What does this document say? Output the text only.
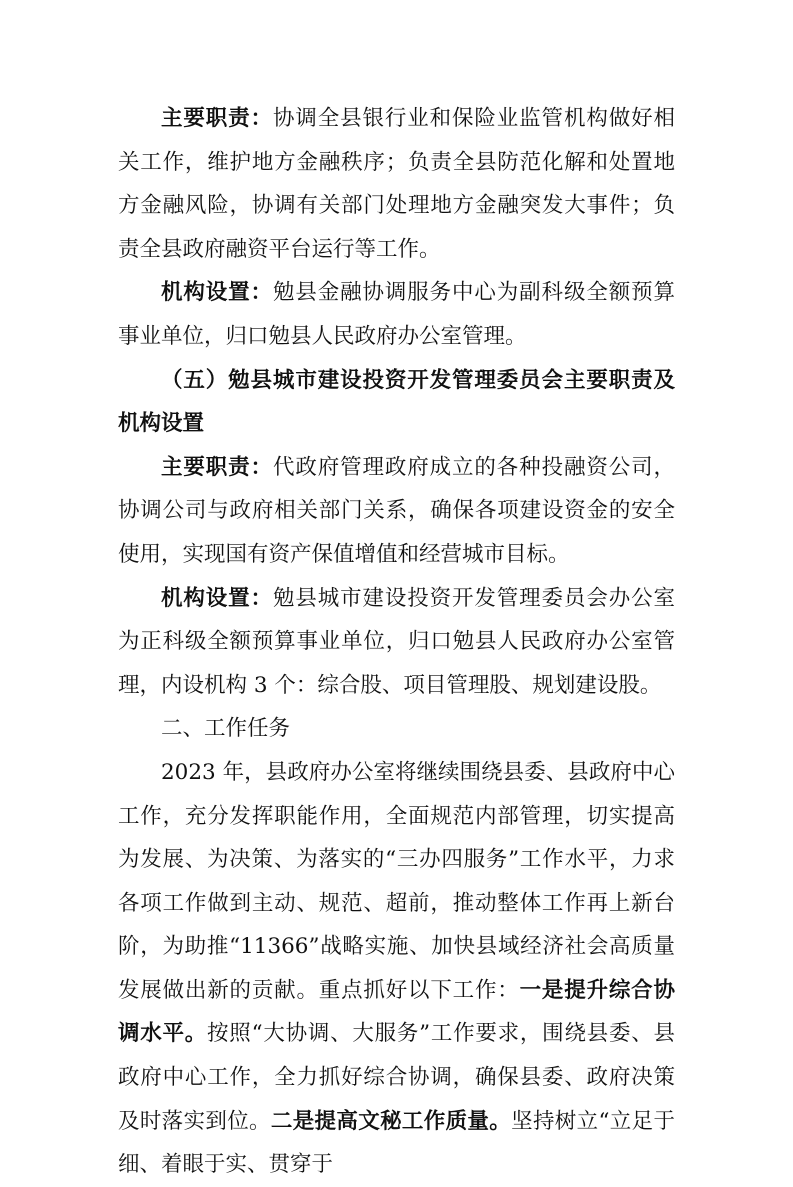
主要职责：协调全县银行业和保险业监管机构做好相关工作，维护地方金融秩序；负责全县防范化解和处置地方金融风险，协调有关部门处理地方金融突发大事件；负责全县政府融资平台运行等工作。

机构设置：勉县金融协调服务中心为副科级全额预算事业单位，归口勉县人民政府办公室管理。

（五）勉县城市建设投资开发管理委员会主要职责及机构设置

主要职责：代政府管理政府成立的各种投融资公司，协调公司与政府相关部门关系，确保各项建设资金的安全使用，实现国有资产保值增值和经营城市目标。

机构设置：勉县城市建设投资开发管理委员会办公室为正科级全额预算事业单位，归口勉县人民政府办公室管理，内设机构 3 个：综合股、项目管理股、规划建设股。

二、工作任务

2023 年，县政府办公室将继续围绕县委、县政府中心工作，充分发挥职能作用，全面规范内部管理，切实提高为发展、为决策、为落实的“三办四服务”工作水平，力求各项工作做到主动、规范、超前，推动整体工作再上新台阶，为助推“11366”战略实施、加快县域经济社会高质量发展做出新的贡献。重点抓好以下工作：一是提升综合协调水平。按照“大协调、大服务”工作要求，围绕县委、县政府中心工作，全力抓好综合协调，确保县委、政府决策及时落实到位。二是提高文秘工作质量。坚持树立“立足于细、着眼于实、贯穿于
